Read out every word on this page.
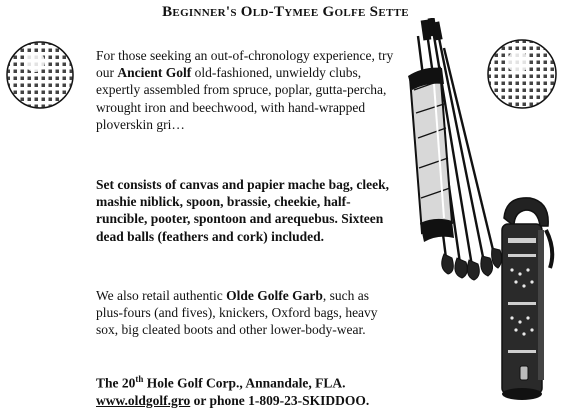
Beginner's Old-Tymee Golfe Sette
For those seeking an out-of-chronology experience, try our Ancient Golf old-fashioned, unwieldy clubs, expertly assembled from spruce, poplar, gutta-percha, wrought iron and beechwood, with hand-wrapped ploverskin gri…
Set consists of canvas and papier mache bag, cleek, mashie niblick, spoon, brassie, cheekie, half-runcible, pooter, spontoon and arequebus. Sixteen dead balls (feathers and cork) included.
We also retail authentic Olde Golfe Garb, such as plus-fours (and fives), knickers, Oxford bags, heavy sox, big cleated boots and other lower-body-wear.
The 20th Hole Golf Corp., Annandale, FLA.
www.oldgolf.gro or phone 1-809-23-SKIDDOO.
